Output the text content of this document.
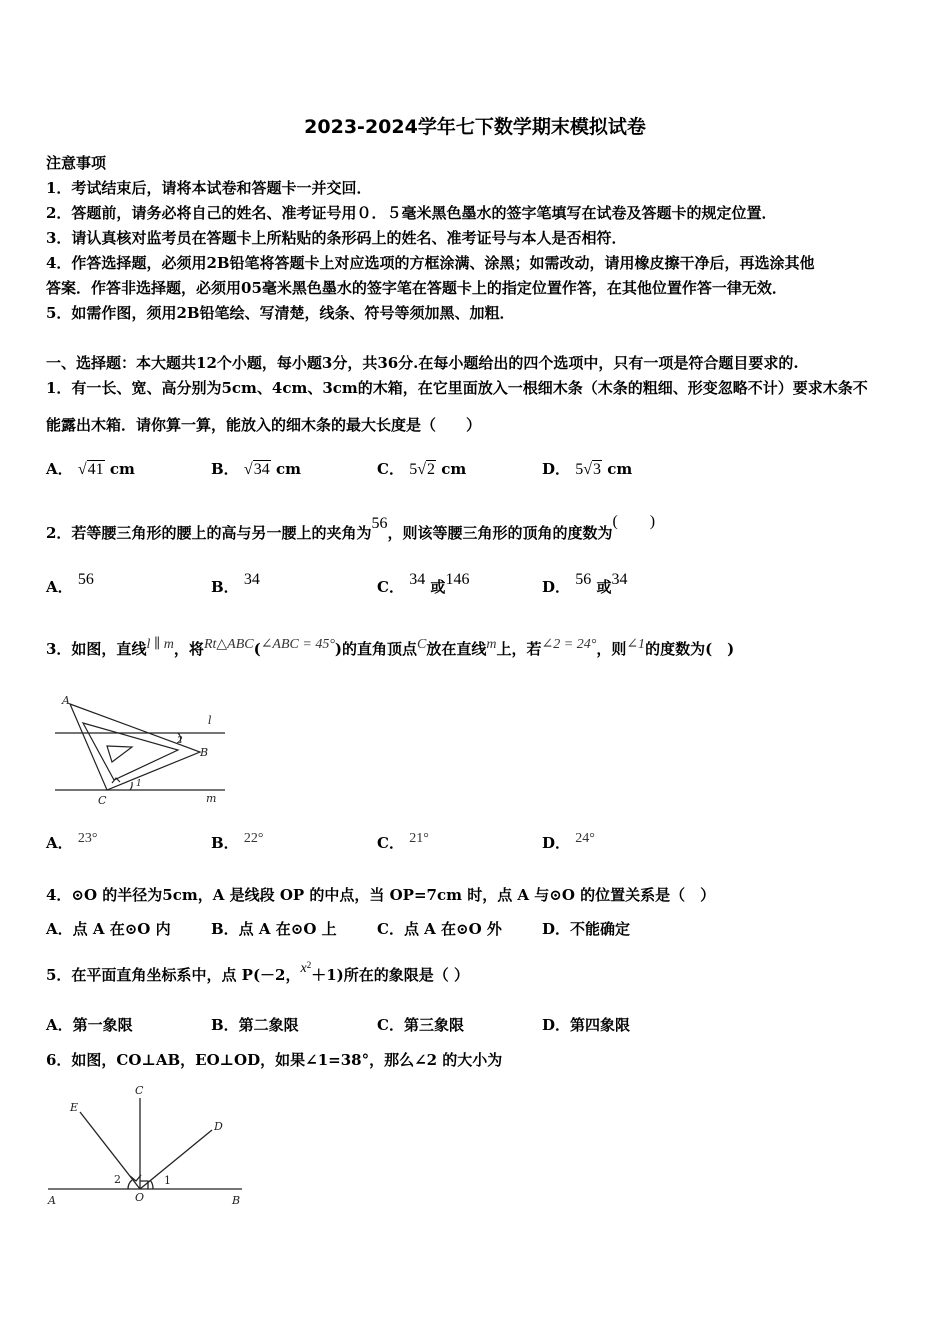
2023-2024学年七下数学期末模拟试卷
注意事项
1．考试结束后，请将本试卷和答题卡一并交回．
2．答题前，请务必将自己的姓名、准考证号用０．５毫米黑色墨水的签字笔填写在试卷及答题卡的规定位置．
3．请认真核对监考员在答题卡上所粘贴的条形码上的姓名、准考证号与本人是否相符．
4．作答选择题，必须用2B铅笔将答题卡上对应选项的方框涂满、涂黑；如需改动，请用橡皮擦干净后，再选涂其他
答案．作答非选择题，必须用05毫米黑色墨水的签字笔在答题卡上的指定位置作答，在其他位置作答一律无效．
5．如需作图，须用2B铅笔绘、写清楚，线条、符号等须加黑、加粗．
一、选择题：本大题共12个小题，每小题3分，共36分.在每小题给出的四个选项中，只有一项是符合题目要求的.
1．有一长、宽、高分别为5cm、4cm、3cm的木箱，在它里面放入一根细木条（木条的粗细、形变忽略不计）要求木条不
能露出木箱．请你算一算，能放入的细木条的最大长度是（　　）
A． √41 cm	B． √34 cm	C． 5√2 cm	D． 5√3 cm
2．若等腰三角形的腰上的高与另一腰上的夹角为56，则该等腰三角形的顶角的度数为(　　)
A． 56	B． 34	C． 34 或146	D． 56 或34
3．如图，直线l ∥ m，将Rt△ABC(∠ABC = 45°)的直角顶点C放在直线m上，若∠2 = 24°，则∠1的度数为(　)
A
B
C
l
m
2
1
A． 23°	B． 22°	C． 21°	D． 24°
4．⊙O 的半径为5cm，A 是线段 OP 的中点，当 OP=7cm 时，点 A 与⊙O 的位置关系是（　）
A．点 A 在⊙O 内	B．点 A 在⊙O 上	C．点 A 在⊙O 外	D．不能确定
5．在平面直角坐标系中，点 P(－2，$x^2+1$)所在的象限是（ ）
A．第一象限	B．第二象限	C．第三象限	D．第四象限
6．如图，CO⊥AB，EO⊥OD，如果∠1=38°，那么∠2 的大小为
C
E
D
2	1
A	O	B
